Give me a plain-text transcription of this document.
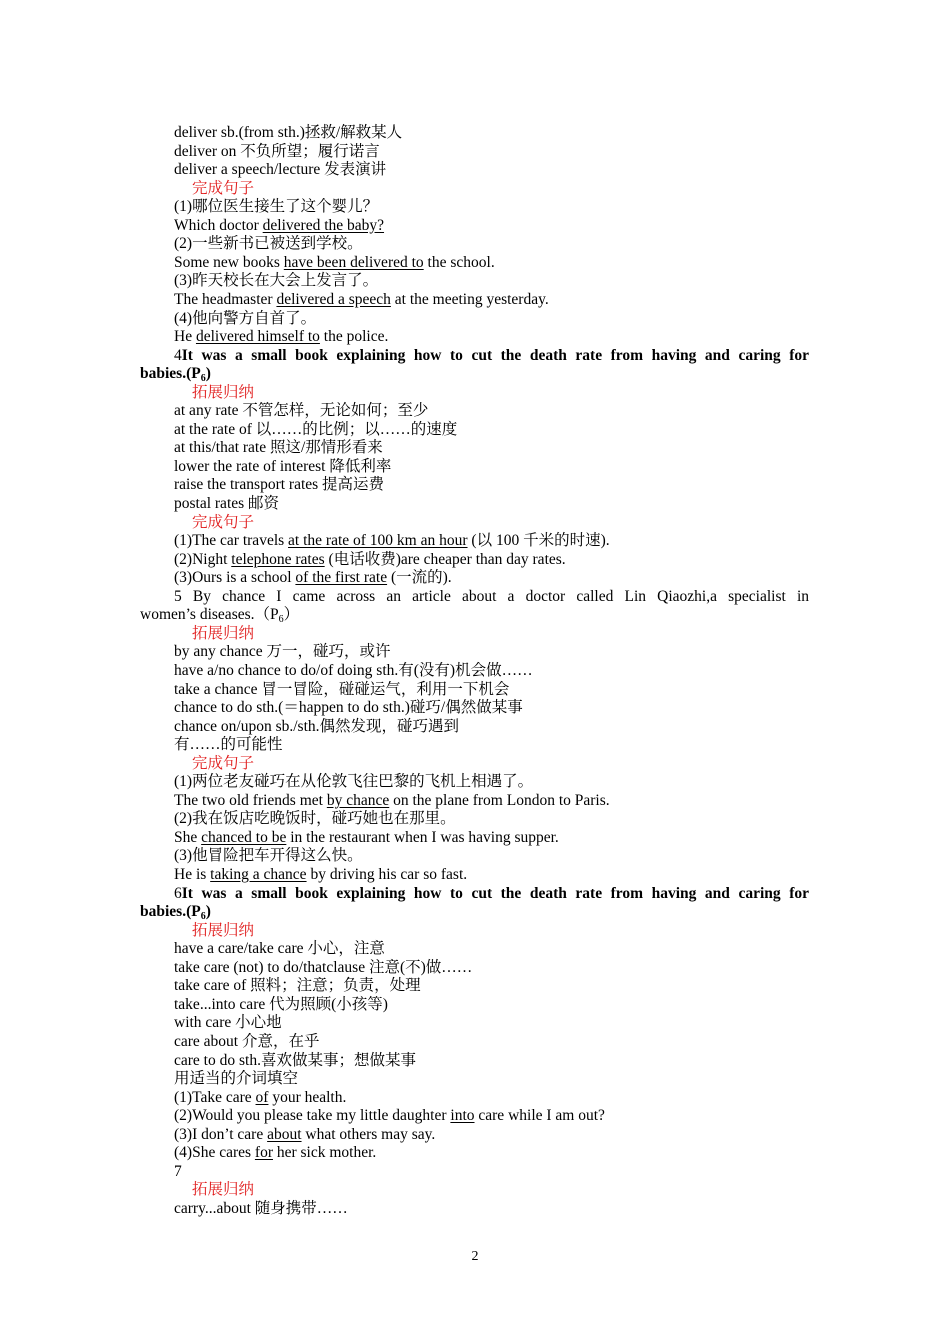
deliver sb.(from sth.)拯救/解救某人
deliver on 不负所望；履行诺言
deliver a speech/lecture 发表演讲
完成句子
(1)哪位医生接生了这个婴儿？
Which doctor delivered the baby?
(2)一些新书已被送到学校。
Some new books have been delivered to the school.
(3)昨天校长在大会上发言了。
The headmaster delivered a speech at the meeting yesterday.
(4)他向警方自首了。
He delivered himself to the police.
4It was a small book explaining how to cut the death rate from having and caring for
$babies.(P_6)$
拓展归纳
at any rate 不管怎样，无论如何；至少
at the rate of 以……的比例；以……的速度
at this/that rate 照这/那情形看来
lower the rate of interest 降低利率
raise the transport rates 提高运费
postal rates 邮资
完成句子
(1)The car travels at the rate of 100 km an hour (以 100 千米的时速).
(2)Night telephone rates (电话收费)are cheaper than day rates.
(3)Ours is a school of the first rate (一流的).
5 By chance I came across an article about a doctor called Lin Qiaozhi,a specialist in
women’s $diseases.(P_6)$
拓展归纳
by any chance 万一，碰巧，或许
have a/no chance to do/of doing sth.有(没有)机会做……
take a chance 冒一冒险，碰碰运气，利用一下机会
chance to do sth.(＝happen to do sth.)碰巧/偶然做某事
chance on/upon sb./sth.偶然发现，碰巧遇到
有……的可能性
完成句子
(1)两位老友碰巧在从伦敦飞往巴黎的飞机上相遇了。
The two old friends met by chance on the plane from London to Paris.
(2)我在饭店吃晚饭时，碰巧她也在那里。
She chanced to be in the restaurant when I was having supper.
(3)他冒险把车开得这么快。
He is taking a chance by driving his car so fast.
6It was a small book explaining how to cut the death rate from having and caring for
$babies.(P_6)$
拓展归纳
have a care/take care 小心，注意
take care (not) to do/thatclause 注意(不)做……
take care of 照料；注意；负责，处理
take...into care 代为照顾(小孩等)
with care 小心地
care about 介意，在乎
care to do sth.喜欢做某事；想做某事
用适当的介词填空
(1)Take care of your health.
(2)Would you please take my little daughter into care while I am out?
(3)I don’t care about what others may say.
(4)She cares for her sick mother.
7
拓展归纳
carry...about 随身携带……
2
